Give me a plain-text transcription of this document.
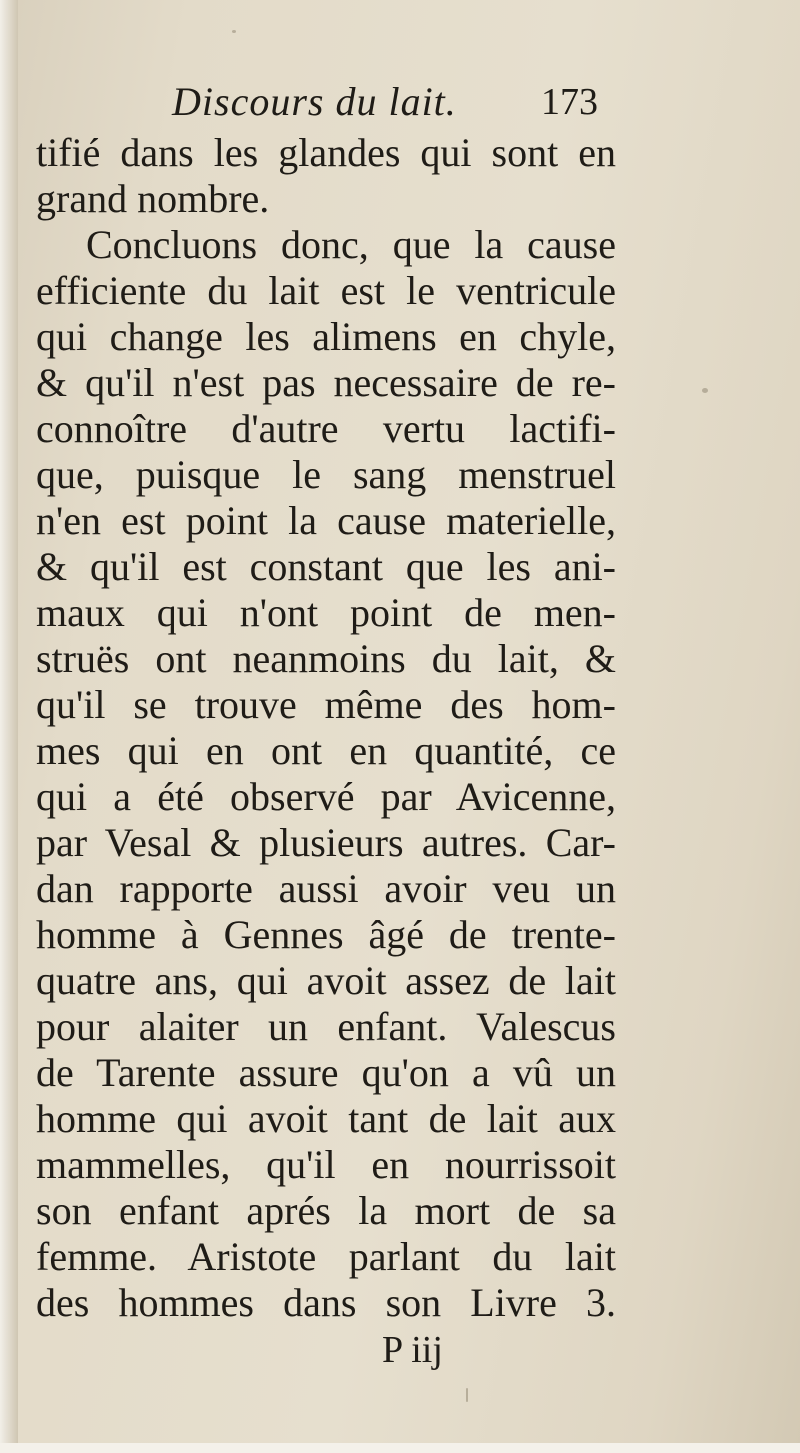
Discours du lait. 173
tifié dans les glandes qui sont en
grand nombre.
Concluons donc, que la cause
efficiente du lait est le ventricule
qui change les alimens en chyle,
& qu'il n'est pas necessaire de re-
connoître d'autre vertu lactifi-
que, puisque le sang menstruel
n'en est point la cause materielle,
& qu'il est constant que les ani-
maux qui n'ont point de men-
struës ont neanmoins du lait, &
qu'il se trouve même des hom-
mes qui en ont en quantité, ce
qui a été observé par Avicenne,
par Vesal & plusieurs autres. Car-
dan rapporte aussi avoir veu un
homme à Gennes âgé de trente-
quatre ans, qui avoit assez de lait
pour alaiter un enfant. Valescus
de Tarente assure qu'on a vû un
homme qui avoit tant de lait aux
mammelles, qu'il en nourrissoit
son enfant aprés la mort de sa
femme. Aristote parlant du lait
des hommes dans son Livre 3.
P iij
